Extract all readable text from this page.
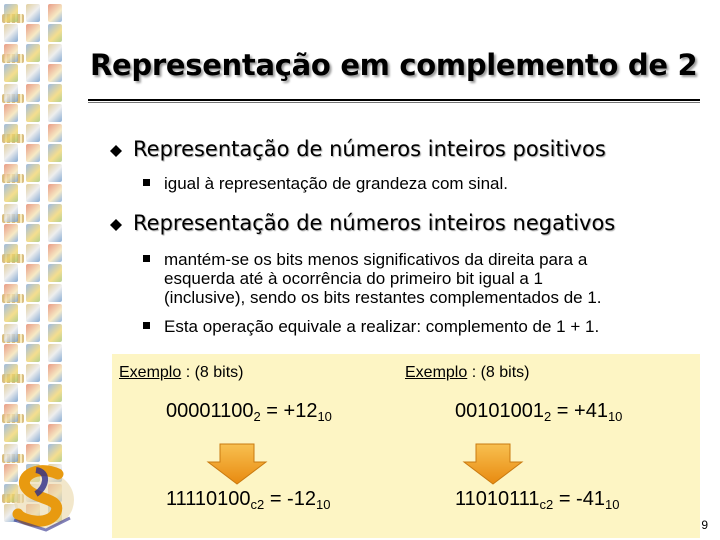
Representação em complemento de 2
Representação de números inteiros positivos
igual à representação de grandeza com sinal.
Representação de números inteiros negativos
mantém-se os bits menos significativos da direita para a
esquerda até à ocorrência do primeiro bit igual a 1
(inclusive), sendo os bits restantes complementados de 1.
Esta operação equivale a realizar: complemento de 1 + 1.
Exemplo : (8 bits)	Exemplo : (8 bits)
$00001100_2 = +12_{10}$
$11110100_{c2} = -12_{10}$
$00101001_2 = +41_{10}$
$11010111_{c2} = -41_{10}$
9
